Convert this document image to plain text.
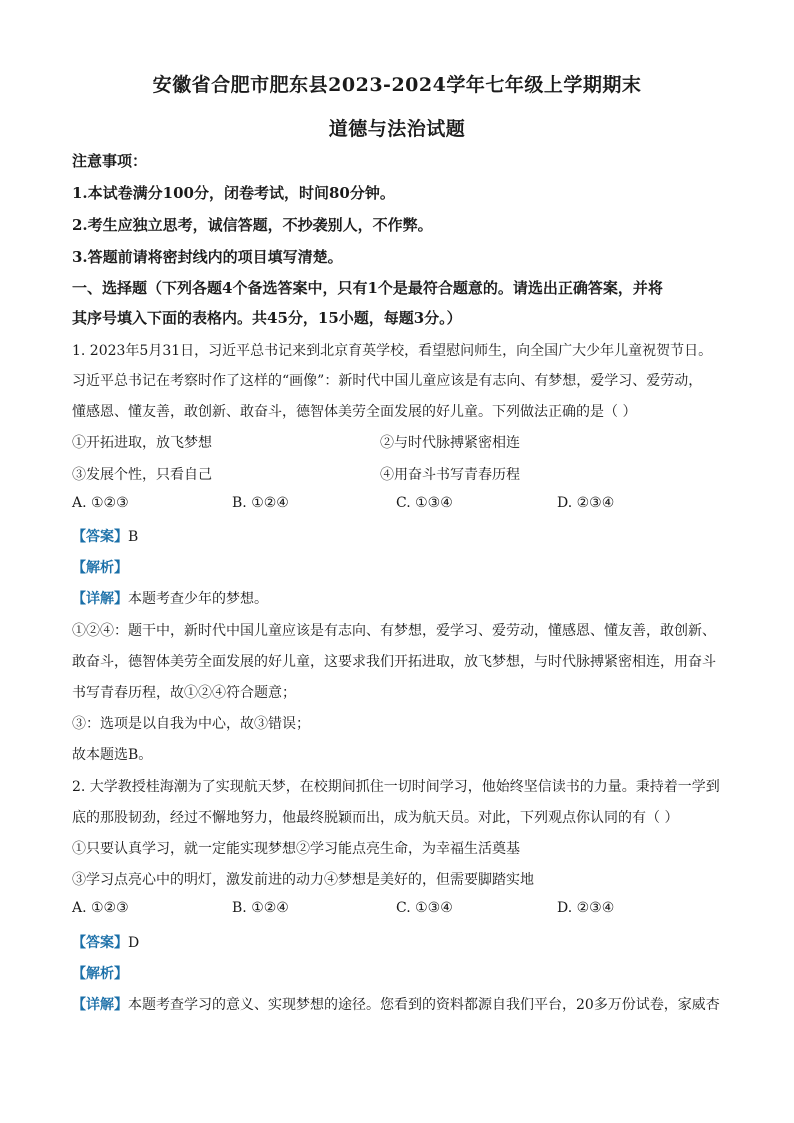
安徽省合肥市肥东县2023-2024学年七年级上学期期末
道德与法治试题
注意事项：
1.本试卷满分100分，闭卷考试，时间80分钟。
2.考生应独立思考，诚信答题，不抄袭别人，不作弊。
3.答题前请将密封线内的项目填写清楚。
一、选择题（下列各题4个备选答案中，只有1个是最符合题意的。请选出正确答案，并将
其序号填入下面的表格内。共45分，15小题，每题3分。）
1. 2023年5月31日，习近平总书记来到北京育英学校，看望慰问师生，向全国广大少年儿童祝贺节日。
习近平总书记在考察时作了这样的“画像”：新时代中国儿童应该是有志向、有梦想，爱学习、爱劳动，
懂感恩、懂友善，敢创新、敢奋斗，德智体美劳全面发展的好儿童。下列做法正确的是（ ）
①开拓进取，放飞梦想	②与时代脉搏紧密相连
③发展个性，只看自己	④用奋斗书写青春历程
A. ①②③	B. ①②④	C. ①③④	D. ②③④
【答案】B
【解析】
【详解】本题考查少年的梦想。
①②④：题干中，新时代中国儿童应该是有志向、有梦想，爱学习、爱劳动，懂感恩、懂友善，敢创新、
敢奋斗，德智体美劳全面发展的好儿童，这要求我们开拓进取，放飞梦想，与时代脉搏紧密相连，用奋斗
书写青春历程，故①②④符合题意；
③：选项是以自我为中心，故③错误；
故本题选B。
2. 大学教授桂海潮为了实现航天梦，在校期间抓住一切时间学习，他始终坚信读书的力量。秉持着一学到
底的那股韧劲，经过不懈地努力，他最终脱颖而出，成为航天员。对此，下列观点你认同的有（ ）
①只要认真学习，就一定能实现梦想②学习能点亮生命，为幸福生活奠基
③学习点亮心中的明灯，激发前进的动力④梦想是美好的，但需要脚踏实地
A. ①②③	B. ①②④	C. ①③④	D. ②③④
【答案】D
【解析】
【详解】本题考查学习的意义、实现梦想的途径。您看到的资料都源自我们平台，20多万份试卷，家威杏
